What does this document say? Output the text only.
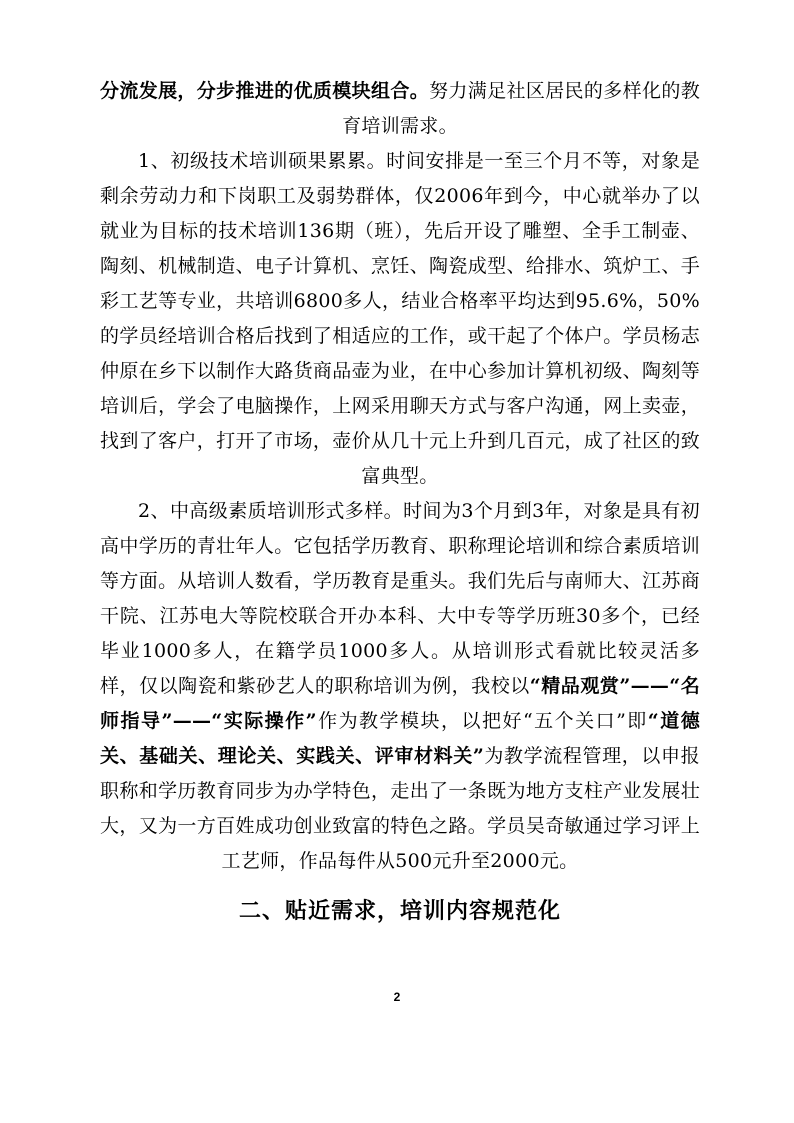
分流发展，分步推进的优质模块组合。努力满足社区居民的多样化的教育培训需求。

1、初级技术培训硕果累累。时间安排是一至三个月不等，对象是剩余劳动力和下岗职工及弱势群体，仅2006年到今，中心就举办了以就业为目标的技术培训136期（班），先后开设了雕塑、全手工制壶、陶刻、机械制造、电子计算机、烹饪、陶瓷成型、给排水、筑炉工、手彩工艺等专业，共培训6800多人，结业合格率平均达到95.6%，50%的学员经培训合格后找到了相适应的工作，或干起了个体户。学员杨志仲原在乡下以制作大路货商品壶为业，在中心参加计算机初级、陶刻等培训后，学会了电脑操作，上网采用聊天方式与客户沟通，网上卖壶，找到了客户，打开了市场，壶价从几十元上升到几百元，成了社区的致富典型。

2、中高级素质培训形式多样。时间为3个月到3年，对象是具有初高中学历的青壮年人。它包括学历教育、职称理论培训和综合素质培训等方面。从培训人数看，学历教育是重头。我们先后与南师大、江苏商干院、江苏电大等院校联合开办本科、大中专等学历班30多个，已经毕业1000多人，在籍学员1000多人。从培训形式看就比较灵活多样，仅以陶瓷和紫砂艺人的职称培训为例，我校以“精品观赏”——“名师指导”——“实际操作”作为教学模块，以把好“五个关口”即“道德关、基础关、理论关、实践关、评审材料关”为教学流程管理，以申报职称和学历教育同步为办学特色，走出了一条既为地方支柱产业发展壮大，又为一方百姓成功创业致富的特色之路。学员吴奇敏通过学习评上工艺师，作品每件从500元升至2000元。

二、贴近需求，培训内容规范化
2
